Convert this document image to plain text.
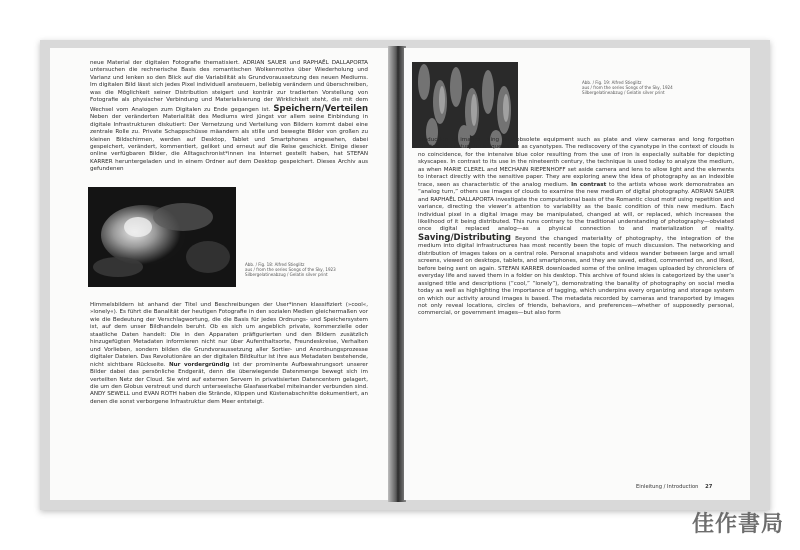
neue Material der digitalen Fotografie thematisiert. ADRIAN SAUER und RAPHAËL DALLAPORTA untersuchen die rechnerische Basis des romantischen Wolkenmotivs über Wiederholung und Varianz und lenken so den Blick auf die Variabilität als Grundvoraussetzung des neuen Mediums. Im digitalen Bild lässt sich jedes Pixel individuell ansteuern, beliebig verändern und überschreiben, was die Möglichkeit seiner Distribution steigert und konträr zur tradierten Vorstellung von Fotografie als physischer Verbindung und Materialisierung der Wirklichkeit steht, die mit dem Wechsel vom Analogen zum Digitalen zu Ende gegangen ist. Speichern/Verteilen Neben der veränderten Materialität des Mediums wird jüngst vor allem seine Einbindung in digitale Infrastrukturen diskutiert: Der Vernetzung und Verteilung von Bildern kommt dabei eine zentrale Rolle zu. Private Schappschüsse mäandern als stille und bewegte Bilder von großen zu kleinen Bildschirmen, werden auf Desktop, Tablet und Smartphones angesehen, dabei gespeichert, verändert, kommentiert, geliket und erneut auf die Reise geschickt. Einige dieser online verfügbaren Bilder, die Alltagschronist*innen ins Internet gestellt haben, hat STEFAN KARRER heruntergeladen und in einem Ordner auf dem Desktop gespeichert. Dieses Archiv aus gefundenen

Abb. / Fig. 18: Alfred Stieglitz
aus / from the series Songs of the Sky, 1923
Silbergelatineabzug / Gelatin silver print

Himmelsbildern ist anhand der Titel und Beschreibungen der User*innen klassifiziert (»cool«, »lonely«). Es führt die Banalität der heutigen Fotografie in den sozialen Medien gleichermaßen vor wie die Bedeutung der Verschlagwortung, die die Basis für jedes Ordnungs- und Speichersystem ist, auf dem unser Bildhandeln beruht. Ob es sich um angeblich private, kommerzielle oder staatliche Daten handelt: Die in den Apparaten präfigurierten und den Bildern zusätzlich hinzugefügten Metadaten informieren nicht nur über Aufenthaltsorte, Freundeskreise, Verhalten und Vorlieben, sondern bilden die Grundvoraussetzung aller Sortier- und Anordnungsprozesse digitaler Dateien. Das Revolutionäre an der digitalen Bildkultur ist ihre aus Metadaten bestehende, nicht sichtbare Rückseite. Nur vordergründig ist der prominente Aufbewahrungsort unserer Bilder dabei das persönliche Endgerät, denn die überwiegende Datenmenge bewegt sich im verteilten Netz der Cloud. Sie wird auf externen Servern in privatisierten Datencentern gelagert, die um den Globus verstreut und durch unterseeische Glasfaserkabel miteinander verbunden sind. ANDY SEWELL und EVAN ROTH haben die Strände, Klippen und Küstenabschnitte dokumentiert, an denen die sonst verborgene Infrastruktur dem Meer entsteigt.

Abb. / Fig. 19: Alfred Stieglitz
aus / from the series Songs of the Sky, 1924
Silbergelatineabzug / Gelatin silver print

production of images using now-obsolete equipment such as plate and view cameras and long forgotten nineteenth-century techniques such as cyanotypes. The rediscovery of the cyanotype in the context of clouds is no coincidence, for the intensive blue color resulting from the use of iron is especially suitable for depicting skyscapes. In contrast to its use in the nineteenth century, the technique is used today to analyze the medium, as when MARIE CLEREL and MECHANN RIEPENHOFF set aside camera and lens to allow light and the elements to interact directly with the sensitive paper. They are exploring anew the idea of photography as an indexible trace, seen as characteristic of the analog medium. In contrast to the artists whose work demonstrates an “analog turn,” others use images of clouds to examine the new medium of digital photography. ADRIAN SAUER and RAPHAËL DALLAPORTA investigate the computational basis of the Romantic cloud motif using repetition and variance, directing the viewer’s attention to variability as the basic condition of this new medium. Each individual pixel in a digital image may be manipulated, changed at will, or replaced, which increases the likelihood of it being distributed. This runs contrary to the traditional understanding of photography—obviated once digital replaced analog—as a physical connection to and materialization of reality. Saving/Distributing Beyond the changed materiality of photography, the integration of the medium into digital infrastructures has most recently been the topic of much discussion. The networking and distribution of images takes on a central role. Personal snapshots and videos wander between large and small screens, viewed on desktops, tablets, and smartphones, and they are saved, edited, commented on, and liked, before being sent on again. STEFAN KARRER downloaded some of the online images uploaded by chroniclers of everyday life and saved them in a folder on his desktop. This archive of found skies is categorized by the user’s assigned title and descriptions (“cool,” “lonely”), demonstrating the banality of photography on social media today as well as highlighting the importance of tagging, which underpins every organizing and storage system on which our activity around images is based. The metadata recorded by cameras and transported by images not only reveal locations, circles of friends, behaviors, and preferences—whether of supposedly personal, commercial, or government images—but also form

Einleitung / Introduction 27
佳作書局
